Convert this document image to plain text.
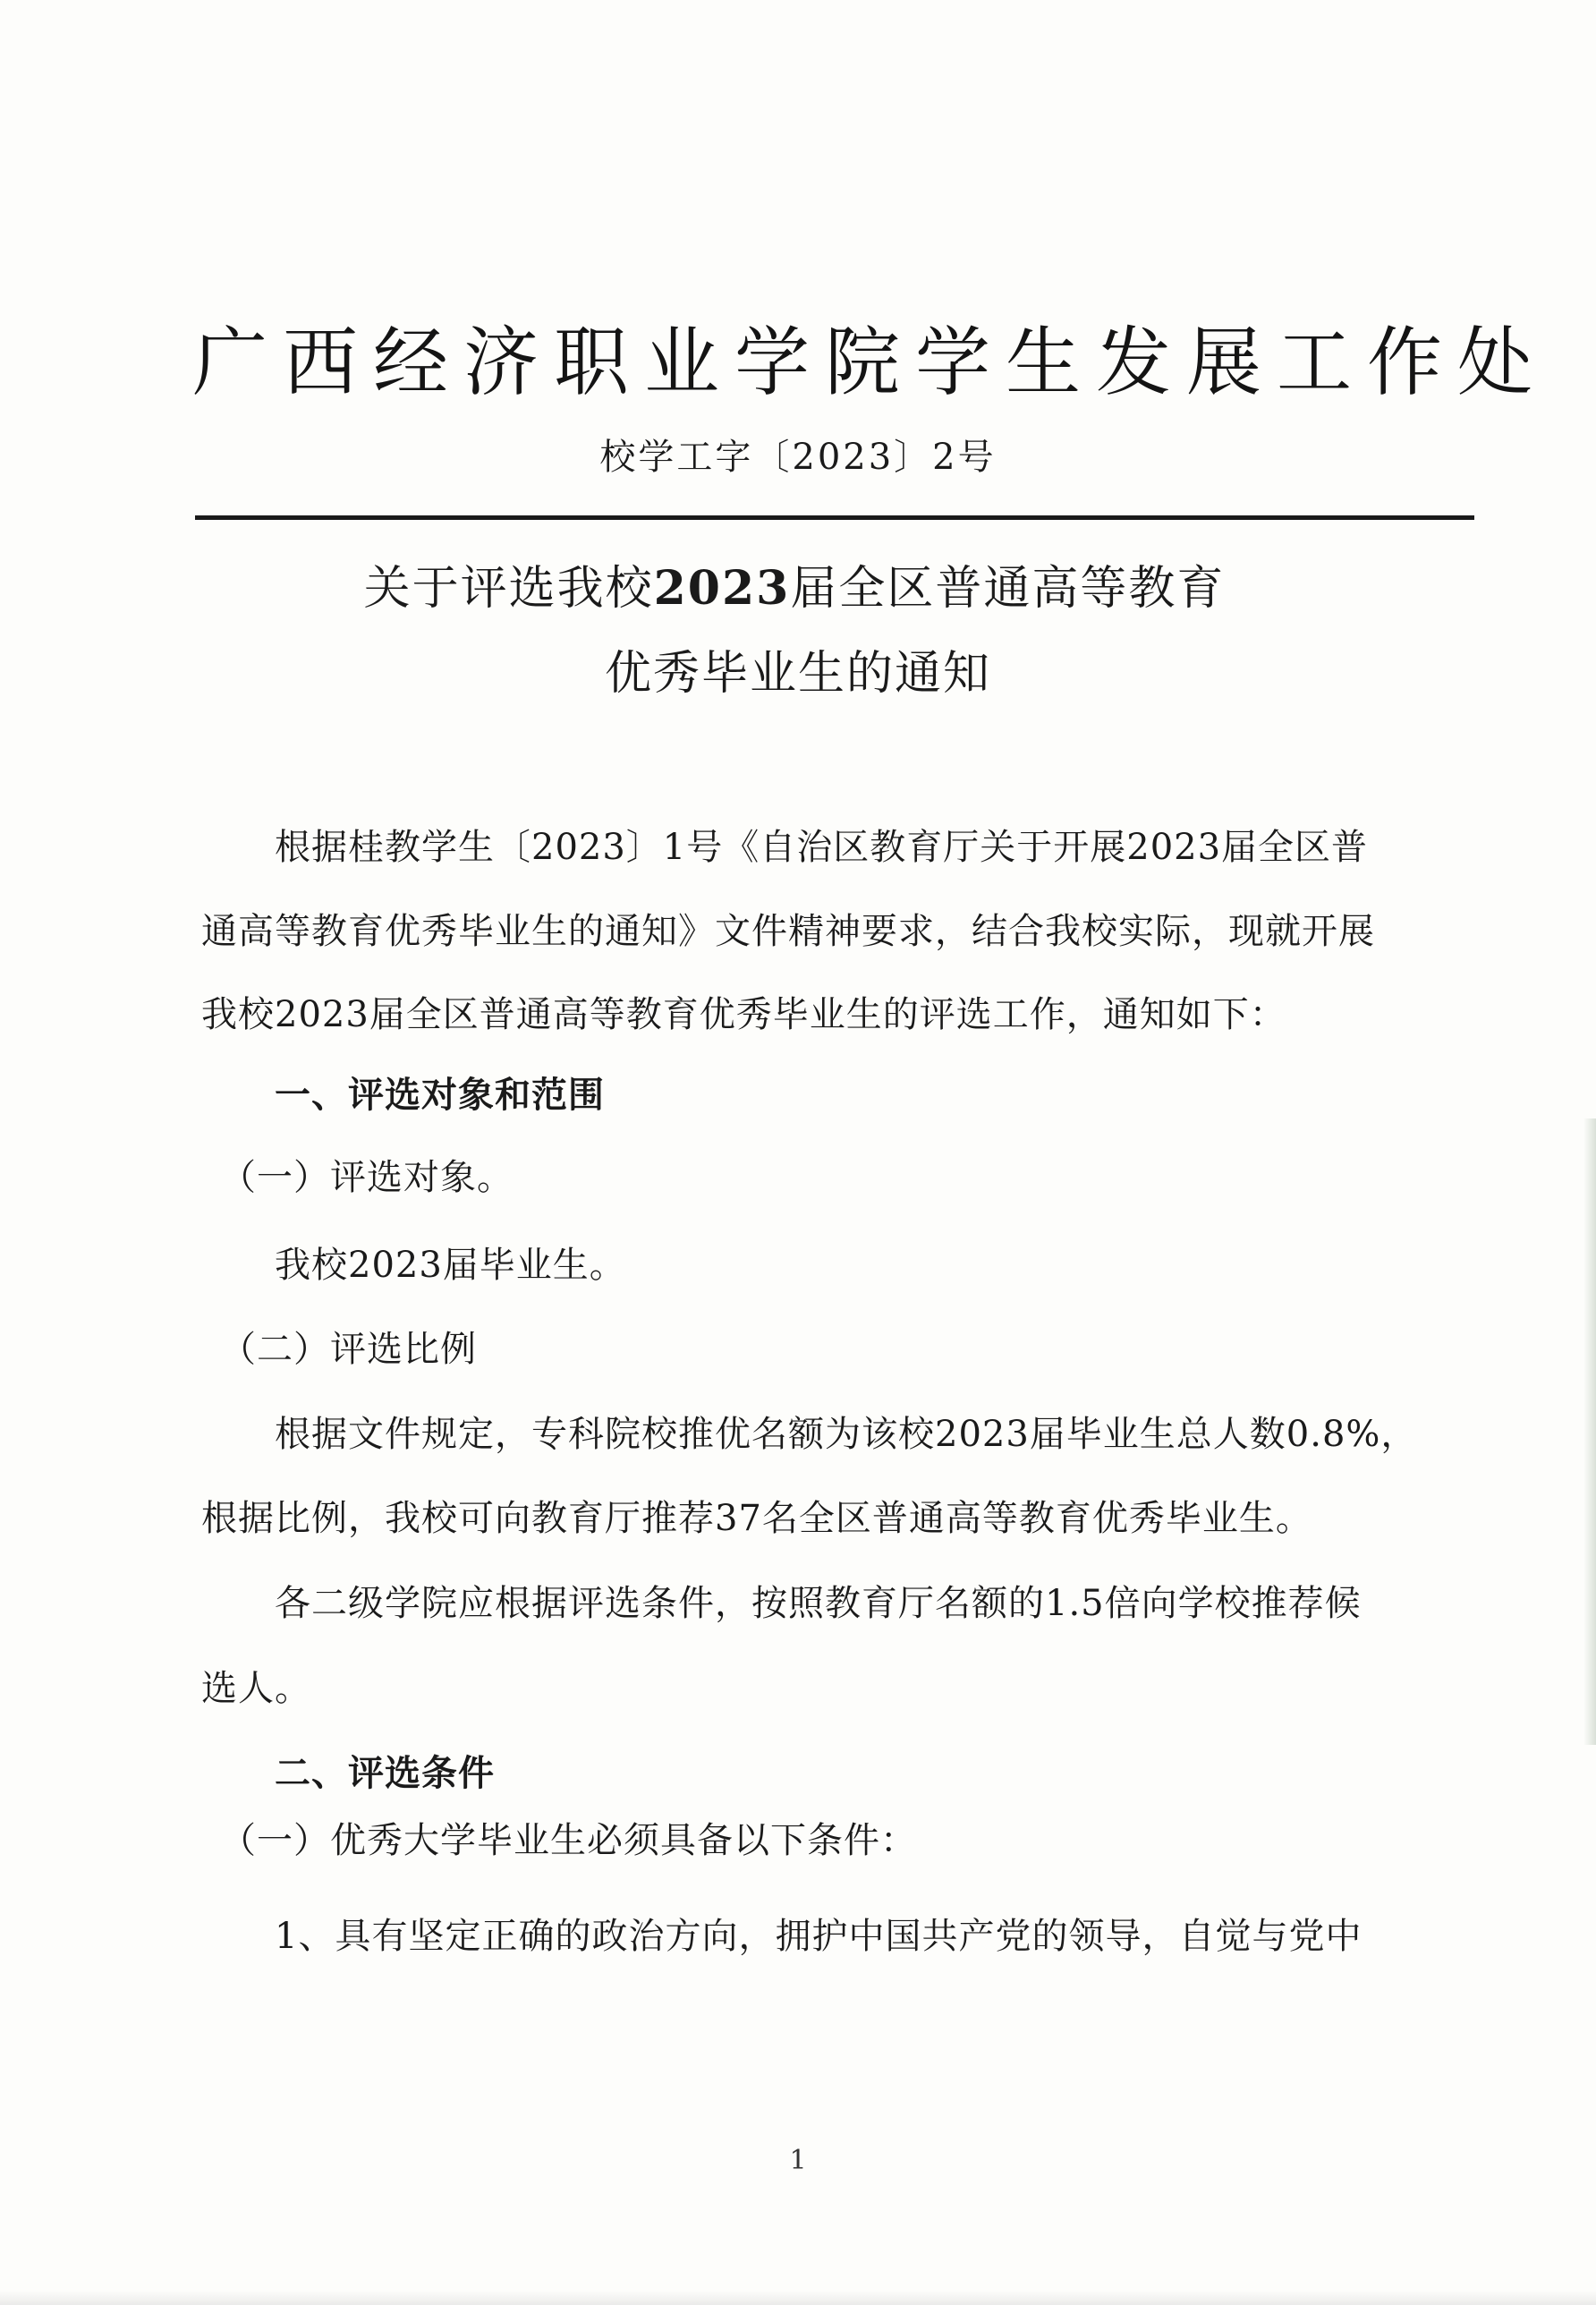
广西经济职业学院学生发展工作处
校学工字〔2023〕2号
关于评选我校2023届全区普通高等教育
优秀毕业生的通知
　　根据桂教学生〔2023〕1号《自治区教育厅关于开展2023届全区普
通高等教育优秀毕业生的通知》文件精神要求，结合我校实际，现就开展
我校2023届全区普通高等教育优秀毕业生的评选工作，通知如下：
　　一、评选对象和范围
　（一）评选对象。
　　我校2023届毕业生。
　（二）评选比例
　　根据文件规定，专科院校推优名额为该校2023届毕业生总人数0.8%，
根据比例，我校可向教育厅推荐37名全区普通高等教育优秀毕业生。
　　各二级学院应根据评选条件，按照教育厅名额的1.5倍向学校推荐候
选人。
　　二、评选条件
　（一）优秀大学毕业生必须具备以下条件：
　　1、具有坚定正确的政治方向，拥护中国共产党的领导，自觉与党中
1
